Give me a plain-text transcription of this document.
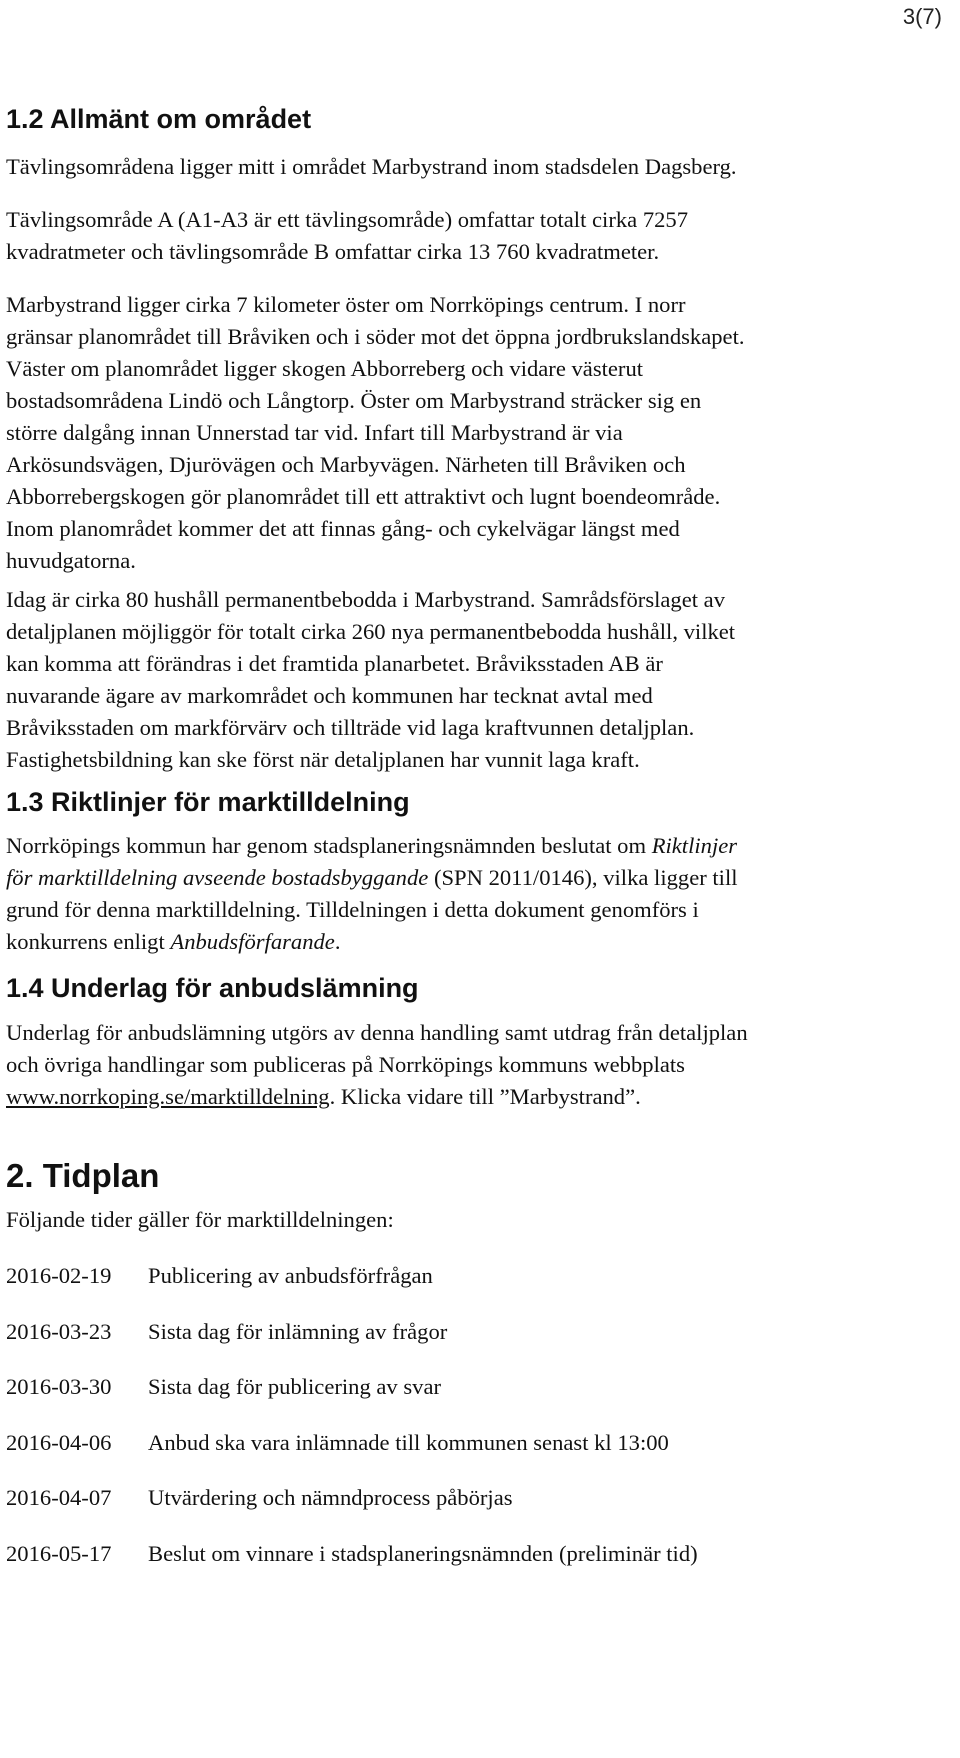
3(7)
1.2 Allmänt om området

Tävlingsområdena ligger mitt i området Marbystrand inom stadsdelen Dagsberg.

Tävlingsområde A (A1-A3 är ett tävlingsområde) omfattar totalt cirka 7257
kvadratmeter och tävlingsområde B omfattar cirka 13 760 kvadratmeter.

Marbystrand ligger cirka 7 kilometer öster om Norrköpings centrum. I norr
gränsar planområdet till Bråviken och i söder mot det öppna jordbrukslandskapet.
Väster om planområdet ligger skogen Abborreberg och vidare västerut
bostadsområdena Lindö och Långtorp. Öster om Marbystrand sträcker sig en
större dalgång innan Unnerstad tar vid. Infart till Marbystrand är via
Arkösundsvägen, Djurövägen och Marbyvägen. Närheten till Bråviken och
Abborrebergskogen gör planområdet till ett attraktivt och lugnt boendeområde.
Inom planområdet kommer det att finnas gång- och cykelvägar längst med
huvudgatorna.

Idag är cirka 80 hushåll permanentbebodda i Marbystrand. Samrådsförslaget av
detaljplanen möjliggör för totalt cirka 260 nya permanentbebodda hushåll, vilket
kan komma att förändras i det framtida planarbetet. Bråviksstaden AB är
nuvarande ägare av markområdet och kommunen har tecknat avtal med
Bråviksstaden om markförvärv och tillträde vid laga kraftvunnen detaljplan.
Fastighetsbildning kan ske först när detaljplanen har vunnit laga kraft.

1.3 Riktlinjer för marktilldelning

Norrköpings kommun har genom stadsplaneringsnämnden beslutat om Riktlinjer
för marktilldelning avseende bostadsbyggande (SPN 2011/0146), vilka ligger till
grund för denna marktilldelning. Tilldelningen i detta dokument genomförs i
konkurrens enligt Anbudsförfarande.

1.4 Underlag för anbudslämning

Underlag för anbudslämning utgörs av denna handling samt utdrag från detaljplan
och övriga handlingar som publiceras på Norrköpings kommuns webbplats
www.norrkoping.se/marktilldelning. Klicka vidare till ”Marbystrand”.

2. Tidplan

Följande tider gäller för marktilldelningen:

2016-02-19 Publicering av anbudsförfrågan
2016-03-23 Sista dag för inlämning av frågor
2016-03-30 Sista dag för publicering av svar
2016-04-06 Anbud ska vara inlämnade till kommunen senast kl 13:00
2016-04-07 Utvärdering och nämndprocess påbörjas
2016-05-17 Beslut om vinnare i stadsplaneringsnämnden (preliminär tid)
